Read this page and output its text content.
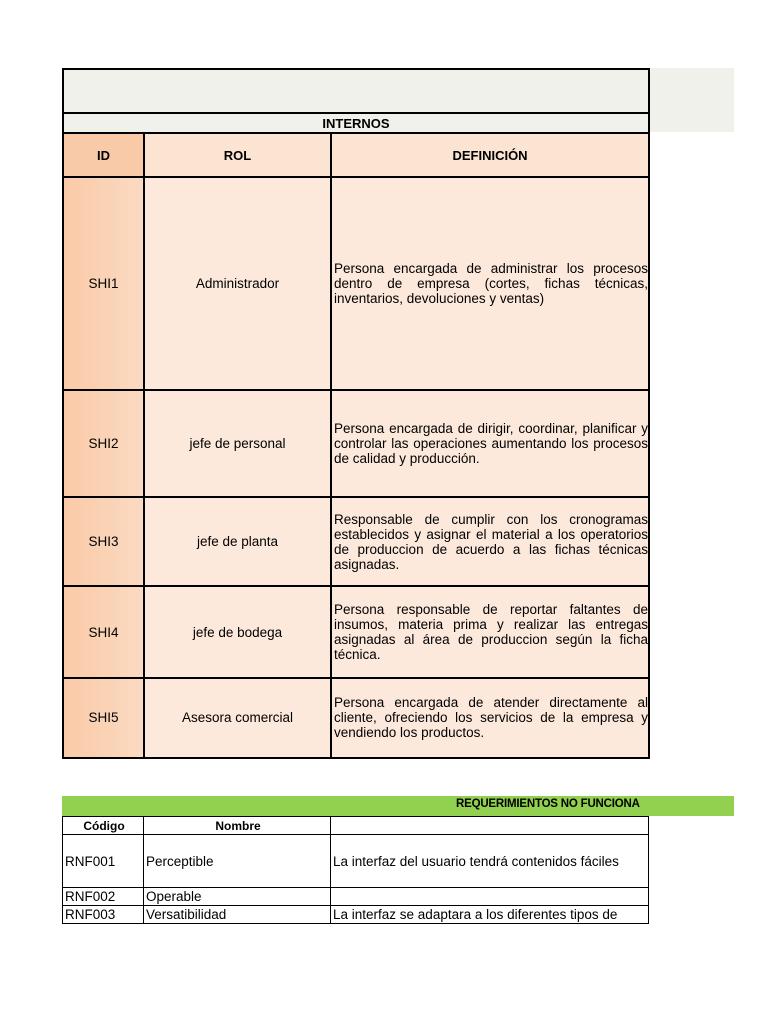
INTERNOS		
ID	ROL	DEFINICIÓN
SHI1	Administrador	Persona encargada de administrar los procesos dentro de empresa (cortes, fichas técnicas, inventarios, devoluciones y ventas)
SHI2	jefe de personal	Persona encargada de dirigir, coordinar, planificar y controlar las operaciones aumentando los procesos de calidad y producción.
SHI3	jefe de planta	Responsable de cumplir con los cronogramas establecidos y asignar el material a los operatorios de produccion de acuerdo a las fichas técnicas asignadas.
SHI4	jefe de bodega	Persona responsable de reportar faltantes de insumos, materia prima y realizar las entregas asignadas al área de produccion según la ficha técnica.
SHI5	Asesora comercial	Persona encargada de atender directamente al cliente, ofreciendo los servicios de la empresa y vendiendo los productos.
REQUERIMIENTOS NO FUNCIONA
Código	Nombre	
RNF001	Perceptible	La interfaz del usuario tendrá contenidos fáciles
RNF002	Operable	

RNF003	Versatibilidad	La interfaz se adaptara a los diferentes tipos de
